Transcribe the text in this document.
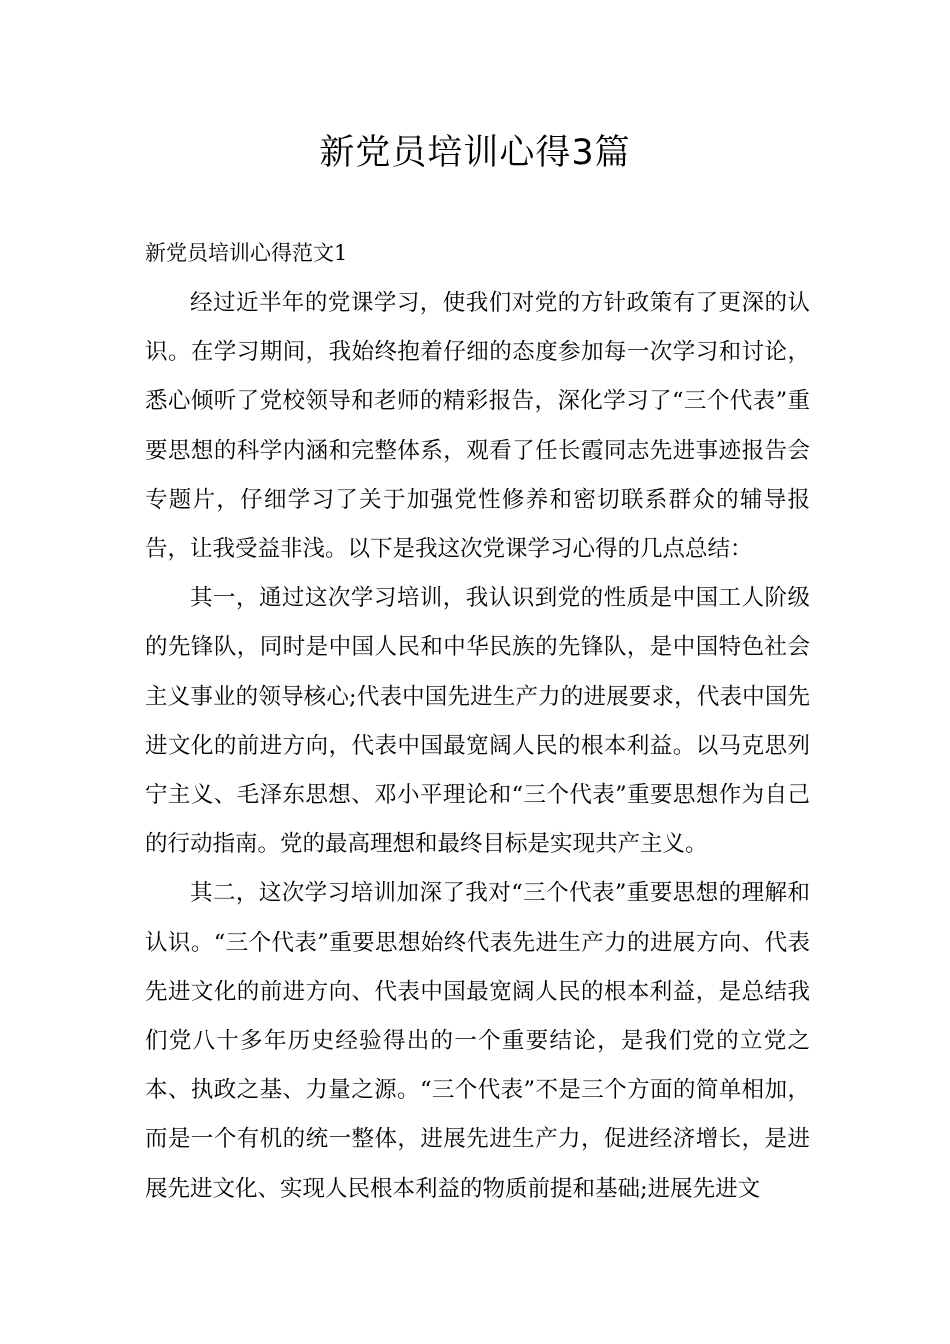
新党员培训心得3篇

新党员培训心得范文1

经过近半年的党课学习，使我们对党的方针政策有了更深的认识。在学习期间，我始终抱着仔细的态度参加每一次学习和讨论，悉心倾听了党校领导和老师的精彩报告，深化学习了“三个代表”重要思想的科学内涵和完整体系，观看了任长霞同志先进事迹报告会专题片，仔细学习了关于加强党性修养和密切联系群众的辅导报告，让我受益非浅。以下是我这次党课学习心得的几点总结：

其一，通过这次学习培训，我认识到党的性质是中国工人阶级的先锋队，同时是中国人民和中华民族的先锋队，是中国特色社会主义事业的领导核心;代表中国先进生产力的进展要求，代表中国先进文化的前进方向，代表中国最宽阔人民的根本利益。以马克思列宁主义、毛泽东思想、邓小平理论和“三个代表”重要思想作为自己的行动指南。党的最高理想和最终目标是实现共产主义。

其二，这次学习培训加深了我对“三个代表”重要思想的理解和认识。“三个代表”重要思想始终代表先进生产力的进展方向、代表先进文化的前进方向、代表中国最宽阔人民的根本利益，是总结我们党八十多年历史经验得出的一个重要结论，是我们党的立党之本、执政之基、力量之源。“三个代表”不是三个方面的简单相加，而是一个有机的统一整体，进展先进生产力，促进经济增长，是进展先进文化、实现人民根本利益的物质前提和基础;进展先进文
